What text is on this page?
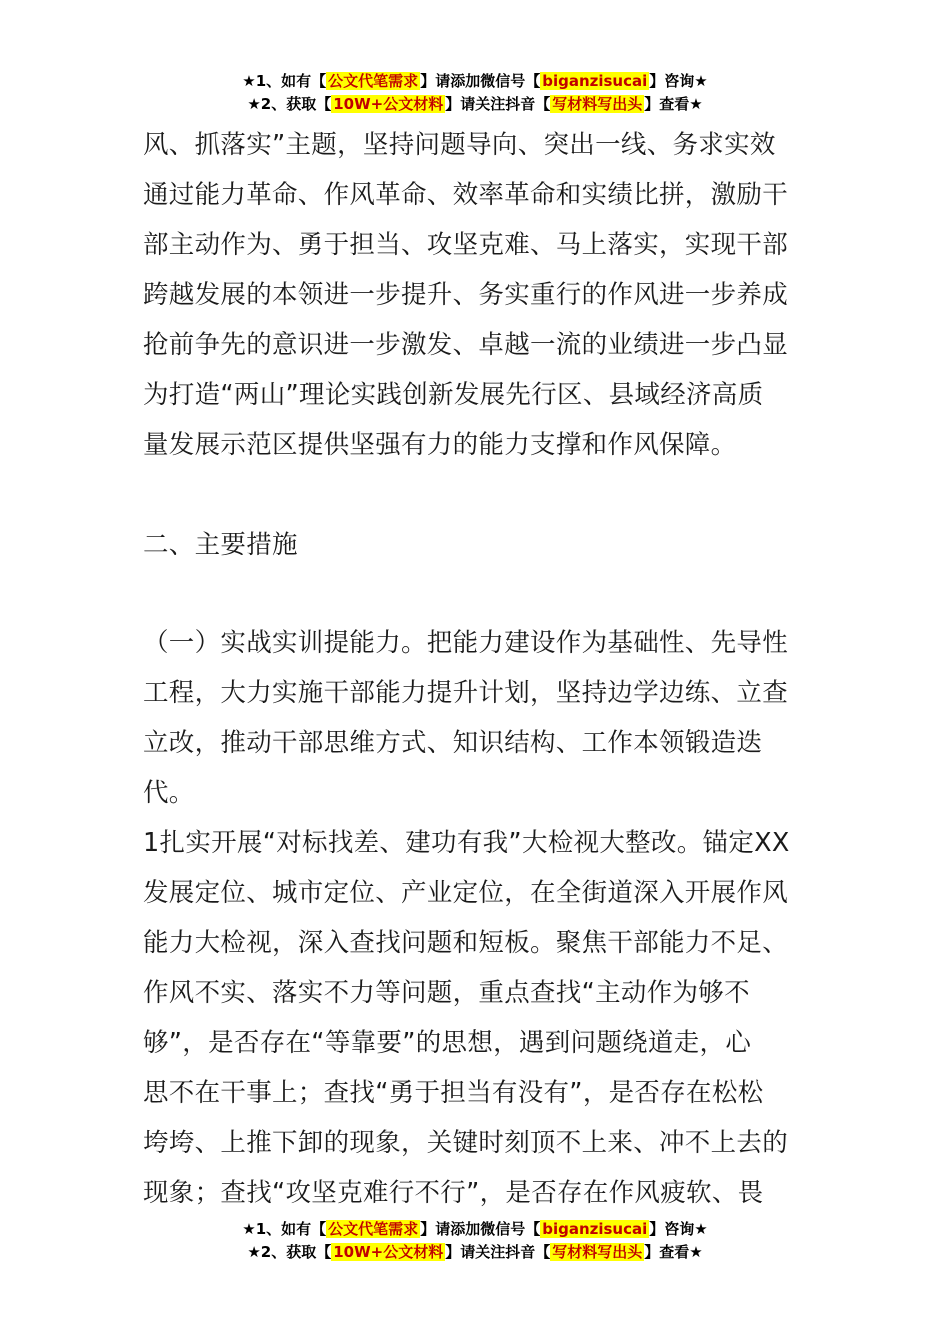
★1、如有【 公文代笔需求 】请添加微信号【 biganzisucai 】咨询★
★2、获取【 10W+公文材料 】请关注抖音【 写材料写出头 】查看★

风、抓落实”主题，坚持问题导向、突出一线、务求实效
通过能力革命、作风革命、效率革命和实绩比拼，激励干
部主动作为、勇于担当、攻坚克难、马上落实，实现干部
跨越发展的本领进一步提升、务实重行的作风进一步养成
抢前争先的意识进一步激发、卓越一流的业绩进一步凸显
为打造“两山”理论实践创新发展先行区、县域经济高质
量发展示范区提供坚强有力的能力支撑和作风保障。

二、主要措施

（一）实战实训提能力。把能力建设作为基础性、先导性
工程，大力实施干部能力提升计划，坚持边学边练、立查
立改，推动干部思维方式、知识结构、工作本领锻造迭代。

1扎实开展“对标找差、建功有我”大检视大整改。锚定XX
发展定位、城市定位、产业定位，在全街道深入开展作风
能力大检视，深入查找问题和短板。聚焦干部能力不足、
作风不实、落实不力等问题，重点查找“主动作为够不
够”，是否存在“等靠要”的思想，遇到问题绕道走，心
思不在干事上；查找“勇于担当有没有”，是否存在松松
垮垮、上推下卸的现象，关键时刻顶不上来、冲不上去的
现象；查找“攻坚克难行不行”，是否存在作风疲软、畏

★1、如有【 公文代笔需求 】请添加微信号【 biganzisucai 】咨询★
★2、获取【 10W+公文材料 】请关注抖音【 写材料写出头 】查看★
